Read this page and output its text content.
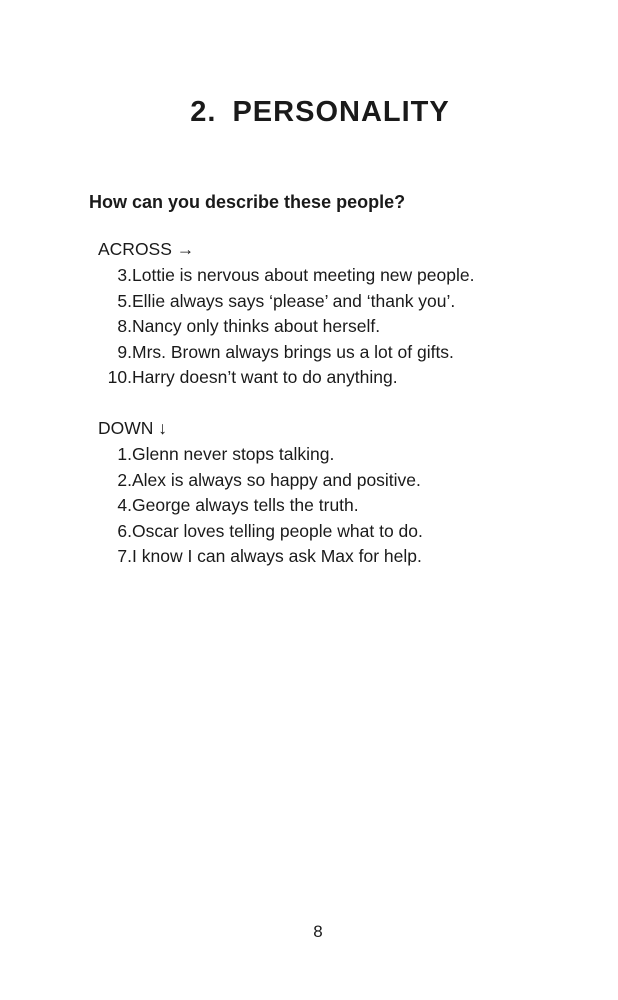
2. PERSONALITY

How can you describe these people?

ACROSS →

3. Lottie is nervous about meeting new people.
5. Ellie always says ‘please’ and ‘thank you’.
8. Nancy only thinks about herself.
9. Mrs. Brown always brings us a lot of gifts.
10. Harry doesn’t want to do anything.

DOWN ↓

1. Glenn never stops talking.
2. Alex is always so happy and positive.
4. George always tells the truth.
6. Oscar loves telling people what to do.
7. I know I can always ask Max for help.

8
